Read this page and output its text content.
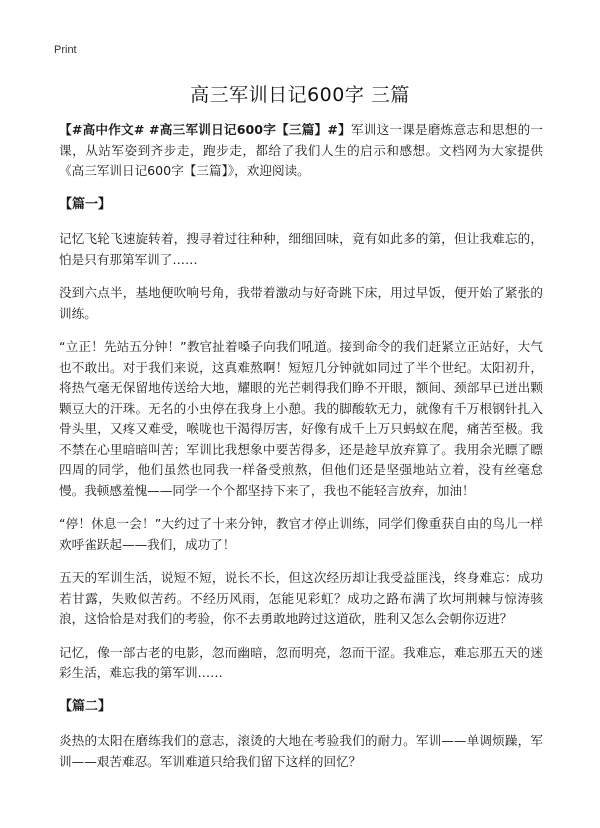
Print
高三军训日记600字 三篇

【#高中作文# #高三军训日记600字【三篇】#】军训这一课是磨炼意志和思想的一课，从站军姿到齐步走，跑步走，都给了我们人生的启示和感想。文档网为大家提供《高三军训日记600字【三篇】》，欢迎阅读。

【篇一】

记忆飞轮飞速旋转着，搜寻着过往种种，细细回味，竟有如此多的第，但让我难忘的，怕是只有那第军训了……

没到六点半，基地便吹响号角，我带着激动与好奇跳下床，用过早饭，便开始了紧张的训练。

“立正！先站五分钟！”教官扯着嗓子向我们吼道。接到命令的我们赶紧立正站好，大气也不敢出。对于我们来说，这真难熬啊！短短几分钟就如同过了半个世纪。太阳初升，将热气毫无保留地传送给大地，耀眼的光芒刺得我们睁不开眼，额间、颈部早已迸出颗颗豆大的汗珠。无名的小虫停在我身上小憩。我的脚酸软无力，就像有千万根钢针扎入骨头里，又疼又难受，喉咙也干渴得厉害，好像有成千上万只蚂蚁在爬，痛苦至极。我不禁在心里暗暗叫苦；军训比我想象中要苦得多，还是趁早放弃算了。我用余光瞟了瞟四周的同学，他们虽然也同我一样备受煎熬，但他们还是坚强地站立着，没有丝毫怠慢。我顿感羞愧——同学一个个都坚持下来了，我也不能轻言放弃，加油！

“停！休息一会！”大约过了十来分钟，教官才停止训练，同学们像重获自由的鸟儿一样欢呼雀跃起——我们，成功了！

五天的军训生活，说短不短，说长不长，但这次经历却让我受益匪浅，终身难忘：成功若甘露，失败似苦药。不经历风雨，怎能见彩虹？成功之路布满了坎坷荆棘与惊涛骇浪，这恰恰是对我们的考验，你不去勇敢地跨过这道砍，胜利又怎么会朝你迈进？

记忆，像一部古老的电影，忽而幽暗，忽而明亮，忽而干涩。我难忘，难忘那五天的迷彩生活，难忘我的第军训……

【篇二】

炎热的太阳在磨练我们的意志，滚烫的大地在考验我们的耐力。军训——单调烦躁，军训——艰苦难忍。军训难道只给我们留下这样的回忆？
